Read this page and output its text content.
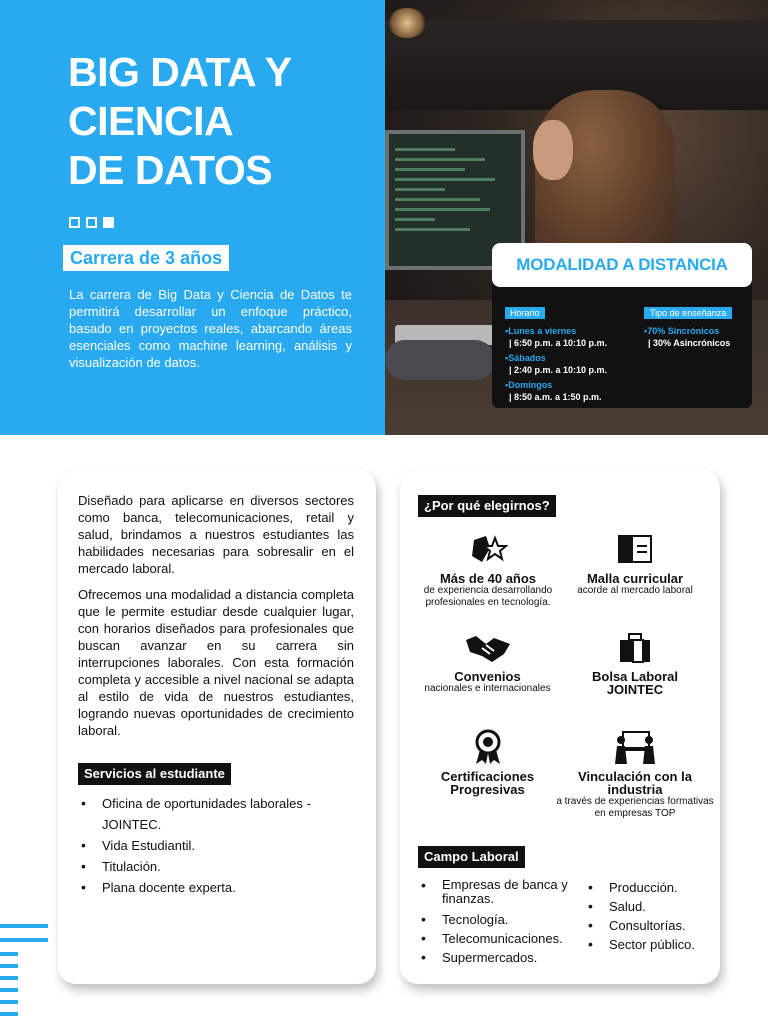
BIG DATA Y
CIENCIA
DE DATOS
Carrera de 3 años

La carrera de Big Data y Ciencia de Datos te permitirá desarrollar un enfoque práctico, basado en proyectos reales, abarcando áreas esenciales como machine learning, análisis y visualización de datos.

MODALIDAD A DISTANCIA
Horario
▪Lunes a viernes
| 6:50 p.m. a 10:10 p.m.
▪Sábados
| 2:40 p.m. a 10:10 p.m.
▪Domingos
| 8:50 a.m. a 1:50 p.m.
Tipo de enseñanza
▪70% Sincrónicos
| 30% Asincrónicos

Diseñado para aplicarse en diversos sectores como banca, telecomunicaciones, retail y salud, brindamos a nuestros estudiantes las habilidades necesarias para sobresalir en el mercado laboral.

Ofrecemos una modalidad a distancia completa que le permite estudiar desde cualquier lugar, con horarios diseñados para profesionales que buscan avanzar en su carrera sin interrupciones laborales. Con esta formación completa y accesible a nivel nacional se adapta al estilo de vida de nuestros estudiantes, logrando nuevas oportunidades de crecimiento laboral.

Servicios al estudiante
• Oficina de oportunidades laborales - JOINTEC.
• Vida Estudiantil.
• Titulación.
• Plana docente experta.
¿Por qué elegirnos?
Más de 40 años
de experiencia desarrollando profesionales en tecnología.
Malla curricular
acorde al mercado laboral
Convenios
nacionales e internacionales
Bolsa Laboral JOINTEC
Certificaciones Progresivas
Vinculación con la industria
a través de experiencias formativas en empresas TOP
Campo Laboral
• Empresas de banca y finanzas.
• Tecnología.
• Telecomunicaciones.
• Supermercados.
• Producción.
• Salud.
• Consultorías.
• Sector público.
